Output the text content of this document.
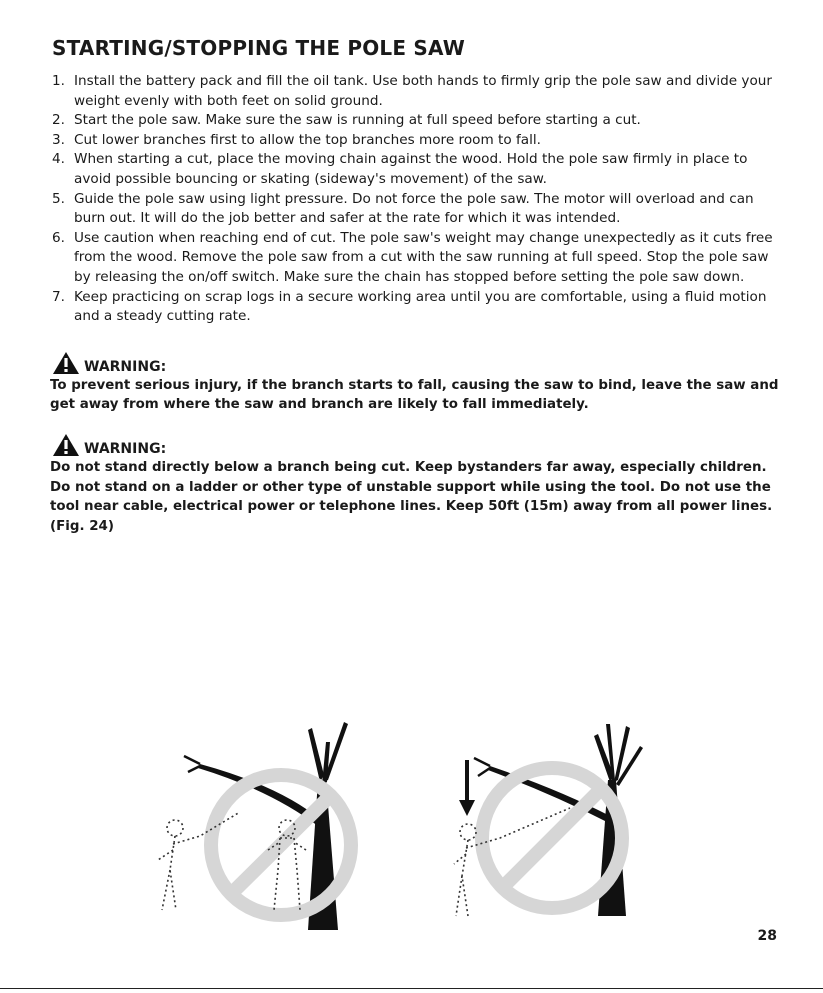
STARTING/STOPPING THE POLE SAW
1. Install the battery pack and fill the oil tank. Use both hands to firmly grip the pole saw and divide your weight evenly with both feet on solid ground.
2. Start the pole saw. Make sure the saw is running at full speed before starting a cut.
3. Cut lower branches first to allow the top branches more room to fall.
4. When starting a cut, place the moving chain against the wood. Hold the pole saw firmly in place to avoid possible bouncing or skating (sideway's movement) of the saw.
5. Guide the pole saw using light pressure. Do not force the pole saw. The motor will overload and can burn out. It will do the job better and safer at the rate for which it was intended.
6. Use caution when reaching end of cut. The pole saw's weight may change unexpectedly as it cuts free from the wood. Remove the pole saw from a cut with the saw running at full speed. Stop the pole saw by releasing the on/off switch. Make sure the chain has stopped before setting the pole saw down.
7. Keep practicing on scrap logs in a secure working area until you are comfortable, using a fluid motion and a steady cutting rate.
WARNING:
To prevent serious injury, if the branch starts to fall, causing the saw to bind, leave the saw and get away from where the saw and branch are likely to fall immediately.
WARNING:
Do not stand directly below a branch being cut. Keep bystanders far away, especially children. Do not stand on a ladder or other type of unstable support while using the tool. Do not use the tool near cable, electrical power or telephone lines. Keep 50ft (15m) away from all power lines. (Fig. 24)
28
